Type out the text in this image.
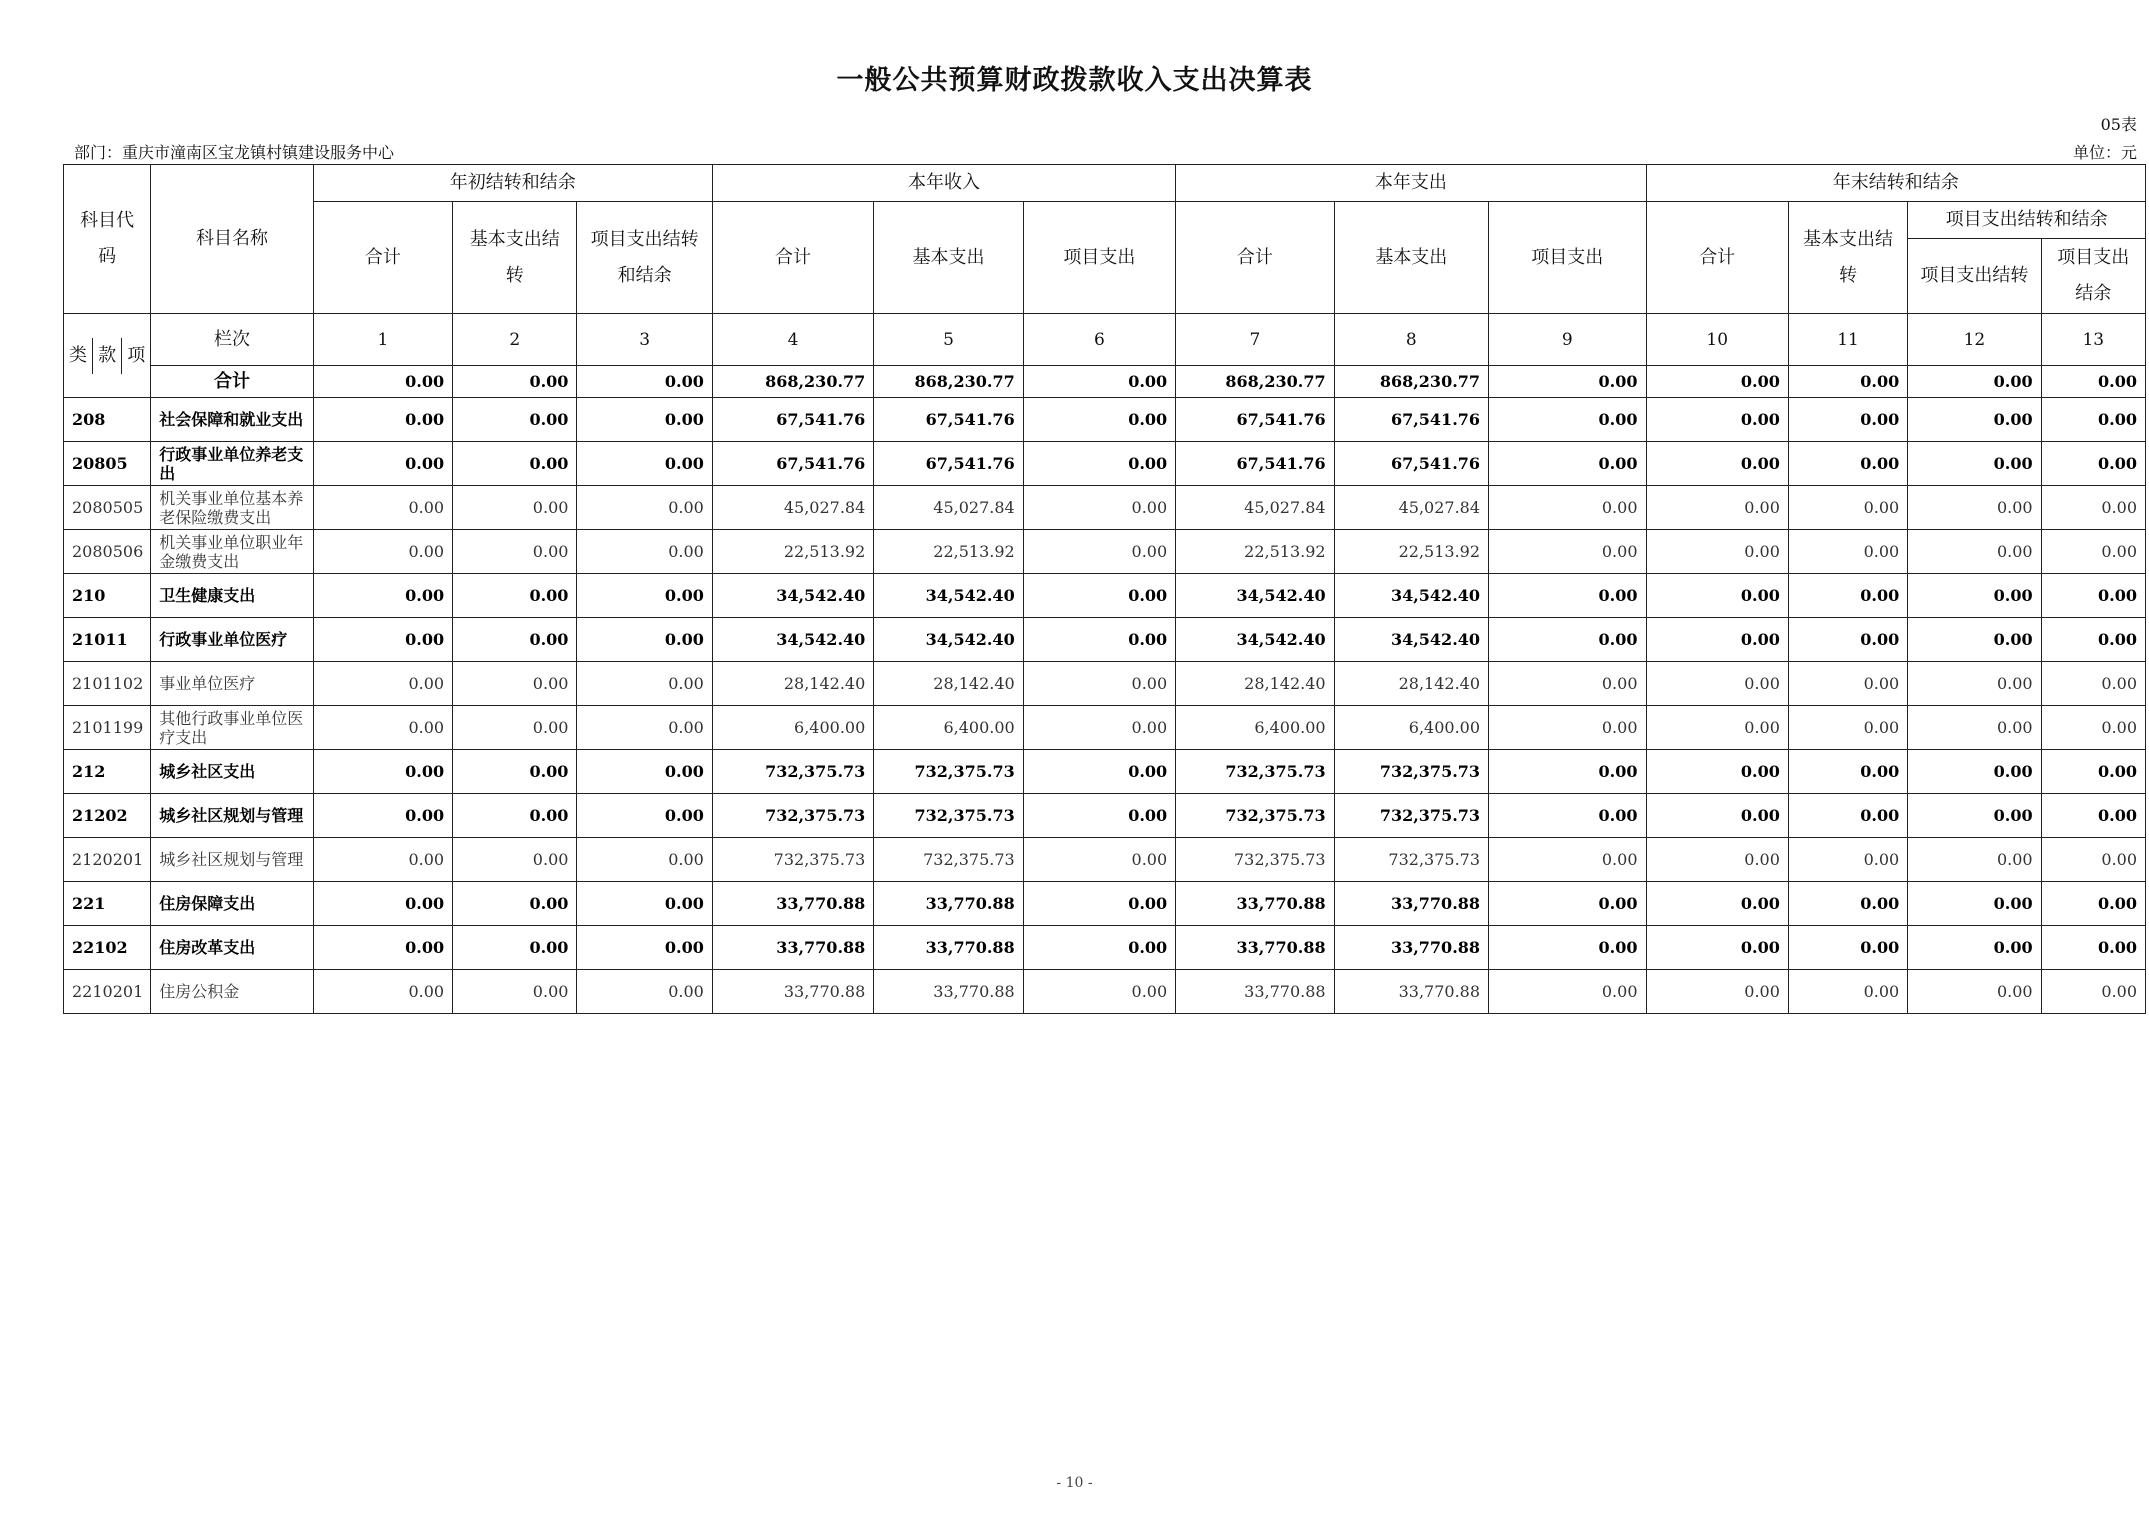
一般公共预算财政拨款收入支出决算表
05表
部门：重庆市潼南区宝龙镇村镇建设服务中心	单位：元
科目代码	科目名称	年初结转和结余			本年收入			本年支出			年末结转和结余			
		合计	基本支出结转	项目支出结转和结余	合计	基本支出	项目支出	合计	基本支出	项目支出	合计	基本支出结转	项目支出结转和结余	
													项目支出结转	项目支出结余

类 款 项	栏次	1	2	3	4	5	6	7	8	9	10	11	12	13
	合计	0.00	0.00	0.00	868,230.77	868,230.77	0.00	868,230.77	868,230.77	0.00	0.00	0.00	0.00	0.00
208	社会保障和就业支出	0.00	0.00	0.00	67,541.76	67,541.76	0.00	67,541.76	67,541.76	0.00	0.00	0.00	0.00	0.00
20805	行政事业单位养老支出	0.00	0.00	0.00	67,541.76	67,541.76	0.00	67,541.76	67,541.76	0.00	0.00	0.00	0.00	0.00
2080505	机关事业单位基本养老保险缴费支出	0.00	0.00	0.00	45,027.84	45,027.84	0.00	45,027.84	45,027.84	0.00	0.00	0.00	0.00	0.00
2080506	机关事业单位职业年金缴费支出	0.00	0.00	0.00	22,513.92	22,513.92	0.00	22,513.92	22,513.92	0.00	0.00	0.00	0.00	0.00
210	卫生健康支出	0.00	0.00	0.00	34,542.40	34,542.40	0.00	34,542.40	34,542.40	0.00	0.00	0.00	0.00	0.00
21011	行政事业单位医疗	0.00	0.00	0.00	34,542.40	34,542.40	0.00	34,542.40	34,542.40	0.00	0.00	0.00	0.00	0.00
2101102	事业单位医疗	0.00	0.00	0.00	28,142.40	28,142.40	0.00	28,142.40	28,142.40	0.00	0.00	0.00	0.00	0.00
2101199	其他行政事业单位医疗支出	0.00	0.00	0.00	6,400.00	6,400.00	0.00	6,400.00	6,400.00	0.00	0.00	0.00	0.00	0.00
212	城乡社区支出	0.00	0.00	0.00	732,375.73	732,375.73	0.00	732,375.73	732,375.73	0.00	0.00	0.00	0.00	0.00
21202	城乡社区规划与管理	0.00	0.00	0.00	732,375.73	732,375.73	0.00	732,375.73	732,375.73	0.00	0.00	0.00	0.00	0.00
2120201	城乡社区规划与管理	0.00	0.00	0.00	732,375.73	732,375.73	0.00	732,375.73	732,375.73	0.00	0.00	0.00	0.00	0.00
221	住房保障支出	0.00	0.00	0.00	33,770.88	33,770.88	0.00	33,770.88	33,770.88	0.00	0.00	0.00	0.00	0.00
22102	住房改革支出	0.00	0.00	0.00	33,770.88	33,770.88	0.00	33,770.88	33,770.88	0.00	0.00	0.00	0.00	0.00
2210201	住房公积金	0.00	0.00	0.00	33,770.88	33,770.88	0.00	33,770.88	33,770.88	0.00	0.00	0.00	0.00	0.00
- 10 -
